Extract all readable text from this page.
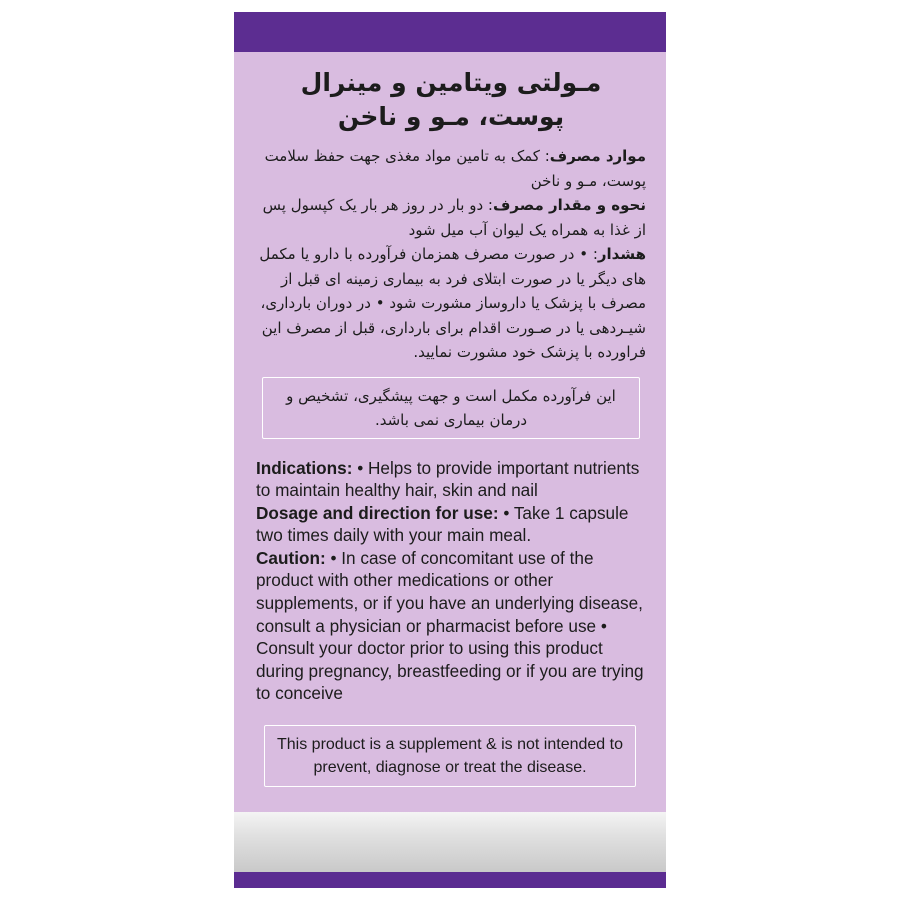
مـولتی ویتامین و مینرال
پوست، مـو و ناخن
موارد مصرف: کمک به تامین مواد مغذی جهت حفظ سلامت پوست، مـو و ناخن
نحوه و مقدار مصرف: دو بار در روز هر بار یک کپسول پس از غذا به همراه یک لیوان آب میل شود
هشدار: • در صورت مصرف همزمان فرآورده با دارو یا مکمل های دیگر یا در صورت ابتلای فرد به بیماری زمینه ای قبل از مصرف با پزشک یا داروساز مشورت شود • در دوران بارداری، شیـردهی یا در صـورت اقدام برای بارداری، قبل از مصرف این فراورده با پزشک خود مشورت نمایید.
این فرآورده مکمل است و جهت پیشگیری، تشخیص و درمان بیماری نمی باشد.
Indications: • Helps to provide important nutrients to maintain healthy hair, skin and nail
Dosage and direction for use: • Take 1 capsule two times daily with your main meal.
Caution: • In case of concomitant use of the product with other medications or other supplements, or if you have an underlying disease, consult a physician or pharmacist before use • Consult your doctor prior to using this product during pregnancy, breastfeeding or if you are trying to conceive
This product is a supplement & is not intended to prevent, diagnose or treat the disease.
